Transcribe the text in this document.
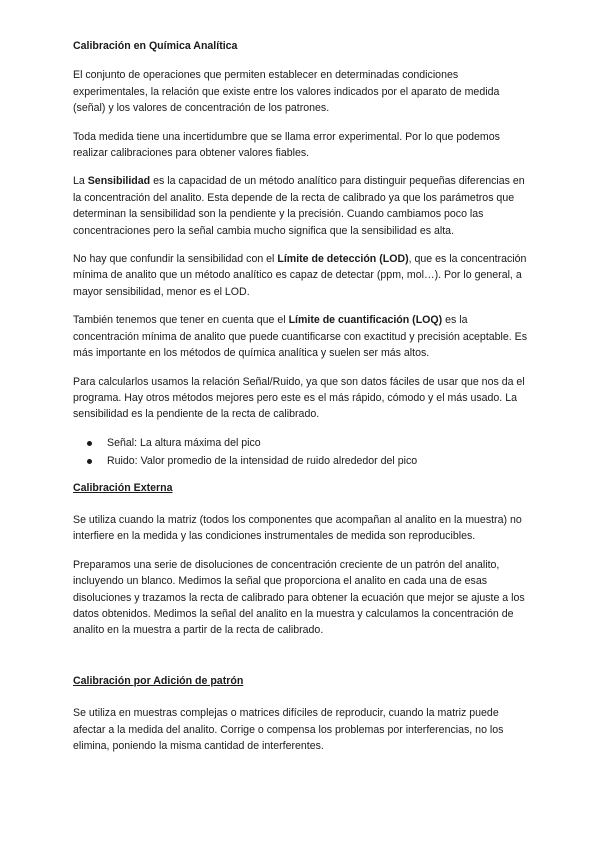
Calibración en Química Analítica

El conjunto de operaciones que permiten establecer en determinadas condiciones experimentales, la relación que existe entre los valores indicados por el aparato de medida (señal) y los valores de concentración de los patrones.

Toda medida tiene una incertidumbre que se llama error experimental. Por lo que podemos realizar calibraciones para obtener valores fiables.

La Sensibilidad es la capacidad de un método analítico para distinguir pequeñas diferencias en la concentración del analito. Esta depende de la recta de calibrado ya que los parámetros que determinan la sensibilidad son la pendiente y la precisión. Cuando cambiamos poco las concentraciones pero la señal cambia mucho significa que la sensibilidad es alta.

No hay que confundir la sensibilidad con el Límite de detección (LOD), que es la concentración mínima de analito que un método analítico es capaz de detectar (ppm, mol…). Por lo general, a mayor sensibilidad, menor es el LOD.

También tenemos que tener en cuenta que el Límite de cuantificación (LOQ) es la concentración mínima de analito que puede cuantificarse con exactitud y precisión aceptable. Es más importante en los métodos de química analítica y suelen ser más altos.

Para calcularlos usamos la relación Señal/Ruido, ya que son datos fáciles de usar que nos da el programa. Hay otros métodos mejores pero este es el más rápido, cómodo y el más usado. La sensibilidad es la pendiente de la recta de calibrado.

Señal: La altura máxima del pico
Ruido: Valor promedio de la intensidad de ruido alrededor del pico

Calibración Externa

Se utiliza cuando la matriz (todos los componentes que acompañan al analito en la muestra) no interfiere en la medida y las condiciones instrumentales de medida son reproducibles.

Preparamos una serie de disoluciones de concentración creciente de un patrón del analito, incluyendo un blanco. Medimos la señal que proporciona el analito en cada una de esas disoluciones y trazamos la recta de calibrado para obtener la ecuación que mejor se ajuste a los datos obtenidos. Medimos la señal del analito en la muestra y calculamos la concentración de analito en la muestra a partir de la recta de calibrado.

Calibración por Adición de patrón

Se utiliza en muestras complejas o matrices difíciles de reproducir, cuando la matriz puede afectar a la medida del analito. Corrige o compensa los problemas por interferencias, no los elimina, poniendo la misma cantidad de interferentes.
